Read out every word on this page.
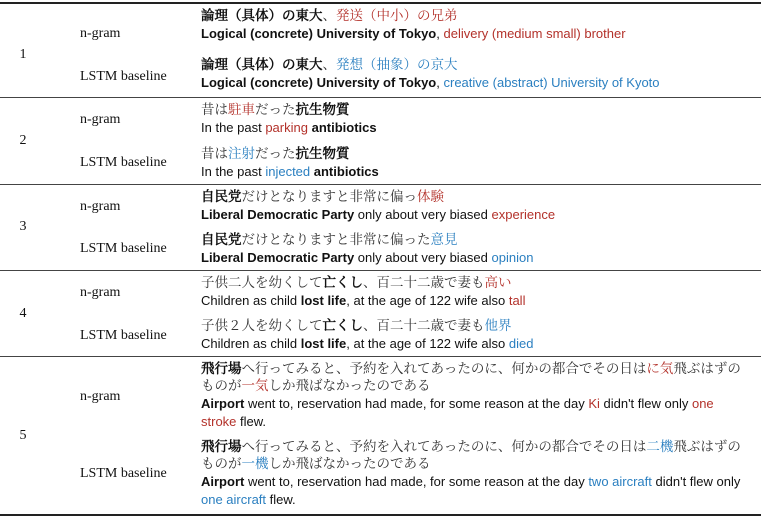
1
n-gram
論理（具体）の東大、発送（中小）の兄弟
Logical (concrete) University of Tokyo, delivery (medium small) brother
LSTM baseline
論理（具体）の東大、発想（抽象）の京大
Logical (concrete) University of Tokyo, creative (abstract) University of Kyoto
2
n-gram
昔は駐車だった抗生物質
In the past parking antibiotics
LSTM baseline
昔は注射だった抗生物質
In the past injected antibiotics
3
n-gram
自民党だけとなりますと非常に偏っ体験
Liberal Democratic Party only about very biased experience
LSTM baseline
自民党だけとなりますと非常に偏った意見
Liberal Democratic Party only about very biased opinion
4
n-gram
子供二人を幼くして亡くし、百二十二歳で妻も高い
Children as child lost life, at the age of 122 wife also tall
LSTM baseline
子供２人を幼くして亡くし、百二十二歳で妻も他界
Children as child lost life, at the age of 122 wife also died
5
n-gram
飛行場へ行ってみると、予約を入れてあったのに、何かの都合でその日はに気飛ぶはずのものが一気しか飛ばなかったのである
Airport went to, reservation had made, for some reason at the day Ki didn't flew only one stroke flew.
LSTM baseline
飛行場へ行ってみると、予約を入れてあったのに、何かの都合でその日は二機飛ぶはずのものが一機しか飛ばなかったのである
Airport went to, reservation had made, for some reason at the day two aircraft didn't flew only one aircraft flew.
